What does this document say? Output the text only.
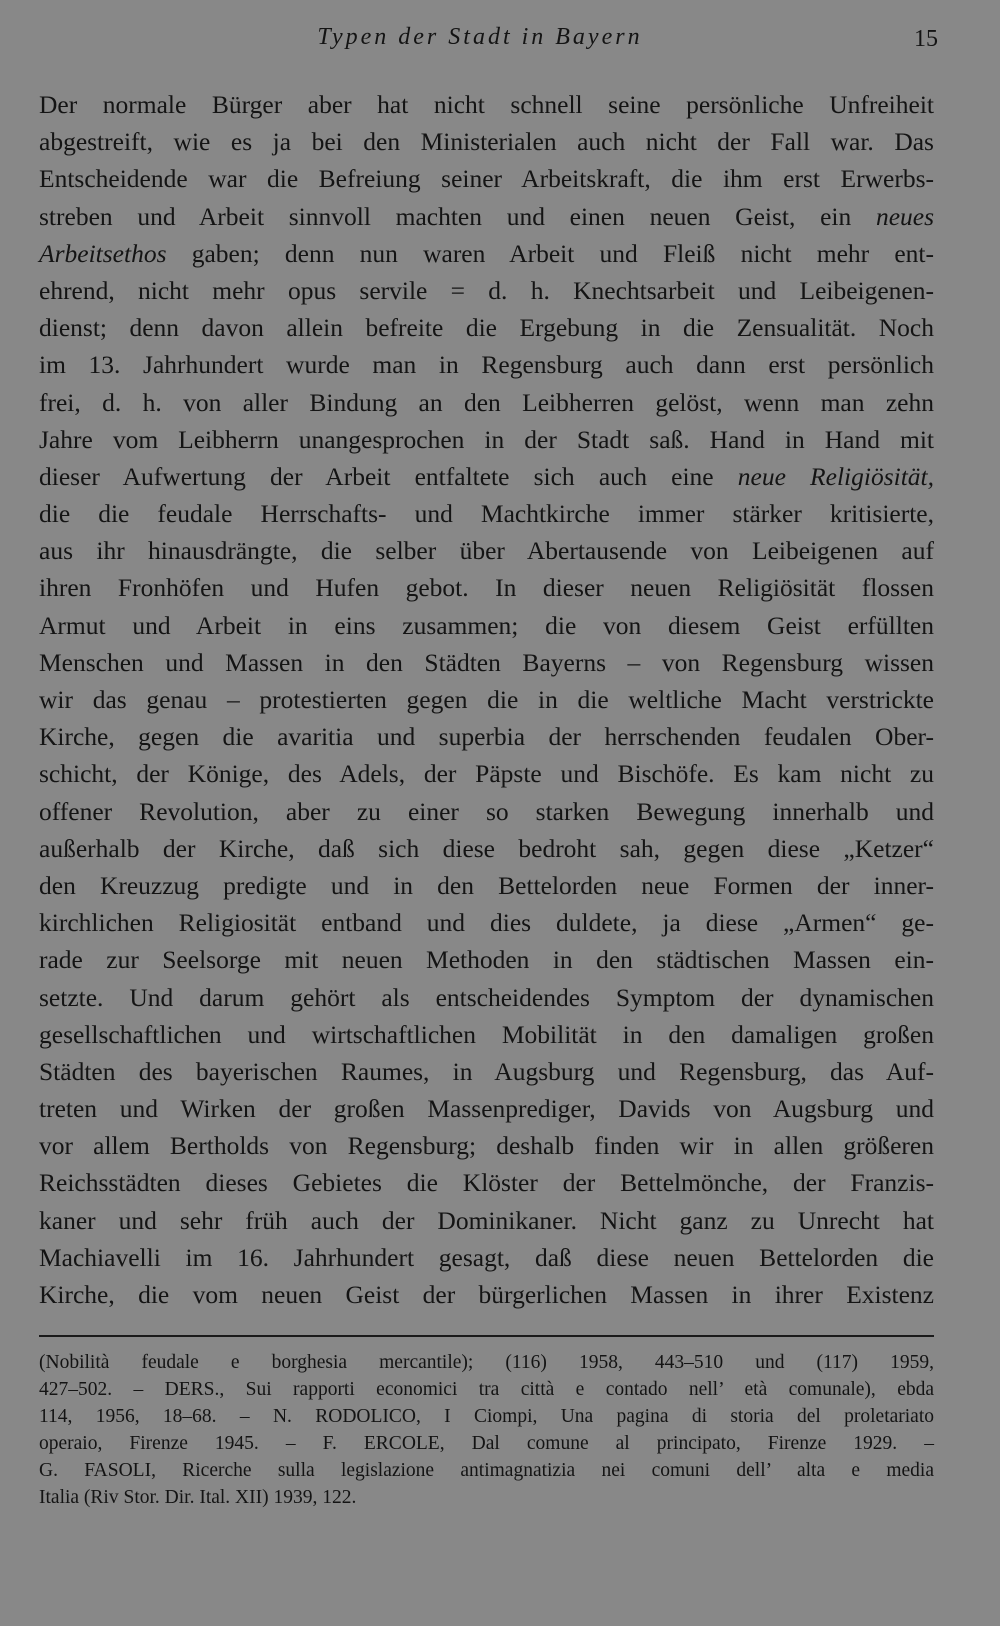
Typen der Stadt in Bayern	15
Der normale Bürger aber hat nicht schnell seine persönliche Unfreiheit
abgestreift, wie es ja bei den Ministerialen auch nicht der Fall war. Das
Entscheidende war die Befreiung seiner Arbeitskraft, die ihm erst Erwerbs-
streben und Arbeit sinnvoll machten und einen neuen Geist, ein neues
Arbeitsethos gaben; denn nun waren Arbeit und Fleiß nicht mehr ent-
ehrend, nicht mehr opus servile = d. h. Knechtsarbeit und Leibeigenen-
dienst; denn davon allein befreite die Ergebung in die Zensualität. Noch
im 13. Jahrhundert wurde man in Regensburg auch dann erst persönlich
frei, d. h. von aller Bindung an den Leibherren gelöst, wenn man zehn
Jahre vom Leibherrn unangesprochen in der Stadt saß. Hand in Hand mit
dieser Aufwertung der Arbeit entfaltete sich auch eine neue Religiösität,
die die feudale Herrschafts- und Machtkirche immer stärker kritisierte,
aus ihr hinausdrängte, die selber über Abertausende von Leibeigenen auf
ihren Fronhöfen und Hufen gebot. In dieser neuen Religiösität flossen
Armut und Arbeit in eins zusammen; die von diesem Geist erfüllten
Menschen und Massen in den Städten Bayerns – von Regensburg wissen
wir das genau – protestierten gegen die in die weltliche Macht verstrickte
Kirche, gegen die avaritia und superbia der herrschenden feudalen Ober-
schicht, der Könige, des Adels, der Päpste und Bischöfe. Es kam nicht zu
offener Revolution, aber zu einer so starken Bewegung innerhalb und
außerhalb der Kirche, daß sich diese bedroht sah, gegen diese „Ketzer“
den Kreuzzug predigte und in den Bettelorden neue Formen der inner-
kirchlichen Religiosität entband und dies duldete, ja diese „Armen“ ge-
rade zur Seelsorge mit neuen Methoden in den städtischen Massen ein-
setzte. Und darum gehört als entscheidendes Symptom der dynamischen
gesellschaftlichen und wirtschaftlichen Mobilität in den damaligen großen
Städten des bayerischen Raumes, in Augsburg und Regensburg, das Auf-
treten und Wirken der großen Massenprediger, Davids von Augsburg und
vor allem Bertholds von Regensburg; deshalb finden wir in allen größeren
Reichsstädten dieses Gebietes die Klöster der Bettelmönche, der Franzis-
kaner und sehr früh auch der Dominikaner. Nicht ganz zu Unrecht hat
Machiavelli im 16. Jahrhundert gesagt, daß diese neuen Bettelorden die
Kirche, die vom neuen Geist der bürgerlichen Massen in ihrer Existenz
(Nobilità feudale e borghesia mercantile); (116) 1958, 443–510 und (117) 1959,
427–502. – DERS., Sui rapporti economici tra città e contado nell’ età comunale), ebda
114, 1956, 18–68. – N. RODOLICO, I Ciompi, Una pagina di storia del proletariato
operaio, Firenze 1945. – F. ERCOLE, Dal comune al principato, Firenze 1929. –
G. FASOLI, Ricerche sulla legislazione antimagnatizia nei comuni dell’ alta e media
Italia (Riv Stor. Dir. Ital. XII) 1939, 122.
